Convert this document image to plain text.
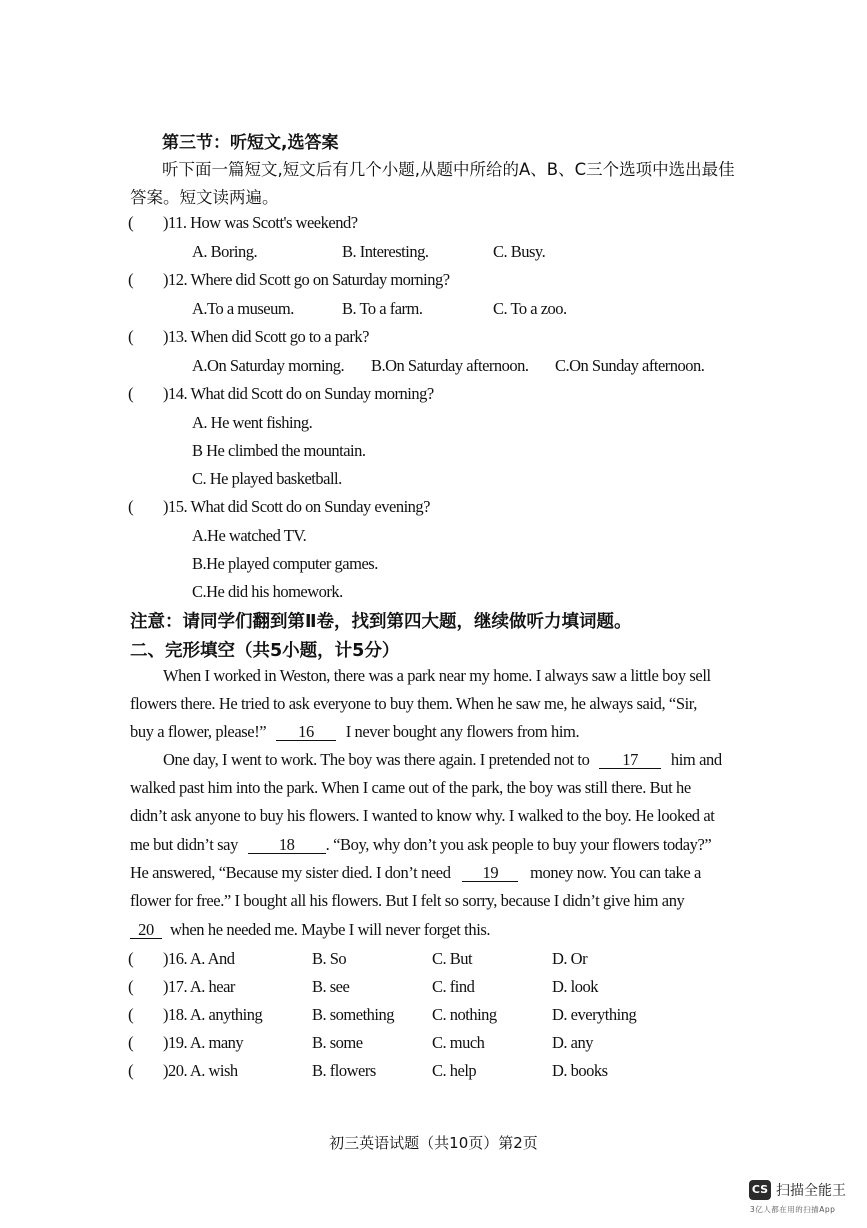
第三节：听短文,选答案
听下面一篇短文,短文后有几个小题,从题中所给的A、B、C三个选项中选出最佳
答案。短文读两遍。
( )11. How was Scott's weekend?
A. Boring.	B. Interesting.	C. Busy.
( )12. Where did Scott go on Saturday morning?
A.To a museum.	B. To a farm.	C. To a zoo.
( )13. When did Scott go to a park?
A.On Saturday morning. B.On Saturday afternoon. C.On Sunday afternoon.
( )14. What did Scott do on Sunday morning?
A. He went fishing.
B He climbed the mountain.
C. He played basketball.
( )15. What did Scott do on Sunday evening?
A.He watched TV.
B.He played computer games.
C.He did his homework.
注意：请同学们翻到第Ⅱ卷，找到第四大题，继续做听力填词题。
二、完形填空（共5小题，计5分）
When I worked in Weston, there was a park near my home. I always saw a little boy sell
flowers there. He tried to ask everyone to buy them. When he saw me, he always said, “Sir,
buy a flower, please!” 16 I never bought any flowers from him.
One day, I went to work. The boy was there again. I pretended not to 17 him and
walked past him into the park. When I came out of the park, the boy was still there. But he
didn’t ask anyone to buy his flowers. I wanted to know why. I walked to the boy. He looked at
me but didn’t say 18 . “Boy, why don’t you ask people to buy your flowers today?”
He answered, “Because my sister died. I don’t need 19 money now. You can take a
flower for free.” I bought all his flowers. But I felt so sorry, because I didn’t give him any
20 when he needed me. Maybe I will never forget this.
( )16. A. And	B. So	C. But	D. Or
( )17. A. hear	B. see	C. find	D. look
( )18. A. anything	B. something C. nothing	D. everything
( )19. A. many	B. some	C. much	D. any
( )20. A. wish	B. flowers	C. help	D. books
初三英语试题（共10页）第2页
CS 扫描全能王
3亿人都在用的扫描App
